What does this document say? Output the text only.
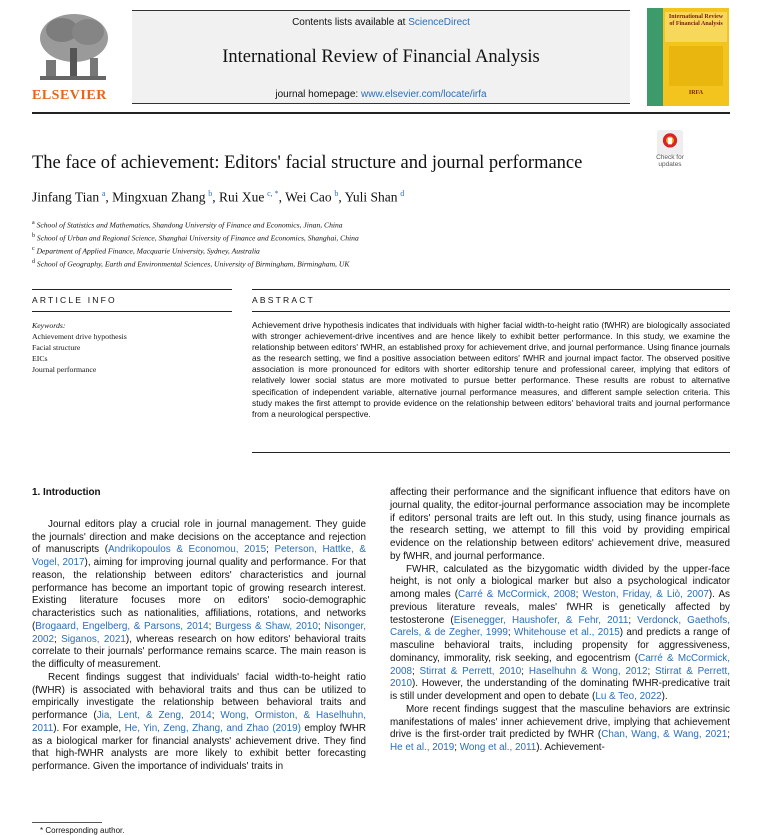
ELSEVIER
Contents lists available at ScienceDirect
International Review of Financial Analysis
journal homepage: www.elsevier.com/locate/irfa
International Review of Financial Analysis
IRFA
The face of achievement: Editors' facial structure and journal performance	Check for
updates
Jinfang Tian  $^a$, Mingxuan Zhang  $^b$, Rui Xue  $^{c, *}$, Wei Cao  $^b$, Yuli Shan  $^d$
$^a$ School of Statistics and Mathematics, Shandong University of Finance and Economics, Jinan, China
$^b$ School of Urban and Regional Science, Shanghai University of Finance and Economics, Shanghai, China
$^c$ Department of Applied Finance, Macquarie University, Sydney, Australia
$^d$ School of Geography, Earth and Environmental Sciences, University of Birmingham, Birmingham, UK
ARTICLE INFO	ABSTRACT
Keywords:
Achievement drive hypothesis
Facial structure
EICs
Journal performance
Achievement drive hypothesis indicates that individuals with higher facial width-to-height ratio (fWHR) are biologically associated with stronger achievement-drive incentives and are hence likely to exhibit better performance. In this study, we examine the relationship between editors' fWHR, an established proxy for achievement drive, and journal performance. Using finance journals as the research setting, we find a positive association between editors' fWHR and journal impact factor. The observed positive association is more pronounced for editors with shorter editorship tenure and professional career, implying that editors of relatively lower social status are more motivated to pursue better performance. These results are robust to alternative specification of independent variable, alternative journal performance measures, and different sample selection criteria. This study makes the first attempt to provide evidence on the relationship between editors' behavioral traits and journal performance from a neurological perspective.

1. Introduction

Journal editors play a crucial role in journal management. They guide the journals' direction and make decisions on the acceptance and rejection of manuscripts (Andrikopoulos & Economou, 2015; Peterson, Hattke, & Vogel, 2017), aiming for improving journal quality and performance. For that reason, the relationship between editors' characteristics and journal performance has become an important topic of growing research interest. Existing literature focuses more on editors' socio-demographic characteristics such as nationalities, affiliations, rotations, and networks (Brogaard, Engelberg, & Parsons, 2014; Burgess & Shaw, 2010; Nisonger, 2002; Siganos, 2021), whereas research on how editors' behavioral traits correlate to their journals' performance remains scarce. The main reason is the difficulty of measurement.

Recent findings suggest that individuals' facial width-to-height ratio (fWHR) is associated with behavioral traits and thus can be utilized to empirically investigate the relationship between behavioral traits and performance (Jia, Lent, & Zeng, 2014; Wong, Ormiston, & Haselhuhn, 2011). For example, He, Yin, Zeng, Zhang, and Zhao (2019) employ fWHR as a biological marker for financial analysts' achievement drive. They find that high-fWHR analysts are more likely to exhibit better forecasting performance. Given the importance of individuals' traits in

affecting their performance and the significant influence that editors have on journal quality, the editor-journal performance association may be incomplete if editors' personal traits are left out. In this study, using finance journals as the research setting, we attempt to fill this void by providing empirical evidence on the relationship between editors' achievement drive, measured by fWHR, and journal performance.

FWHR, calculated as the bizygomatic width divided by the upper-face height, is not only a biological marker but also a psychological indicator among males (Carré & McCormick, 2008; Weston, Friday, & Liò, 2007). As previous literature reveals, males' fWHR is genetically affected by testosterone (Eisenegger, Haushofer, & Fehr, 2011; Verdonck, Gaethofs, Carels, & de Zegher, 1999; Whitehouse et al., 2015) and predicts a range of masculine behavioral traits, including propensity for aggressiveness, dominancy, immorality, risk seeking, and egocentrism (Carré & McCormick, 2008; Stirrat & Perrett, 2010; Haselhuhn & Wong, 2012; Stirrat & Perrett, 2010). However, the understanding of the dominating fWHR-predicative trait is still under development and open to debate (Lu & Teo, 2022).

More recent findings suggest that the masculine behaviors are extrinsic manifestations of males' inner achievement drive, implying that achievement drive is the first-order trait predicted by fWHR (Chan, Wang, & Wang, 2021; He et al., 2019; Wong et al., 2011). Achievement-

* Corresponding author.
